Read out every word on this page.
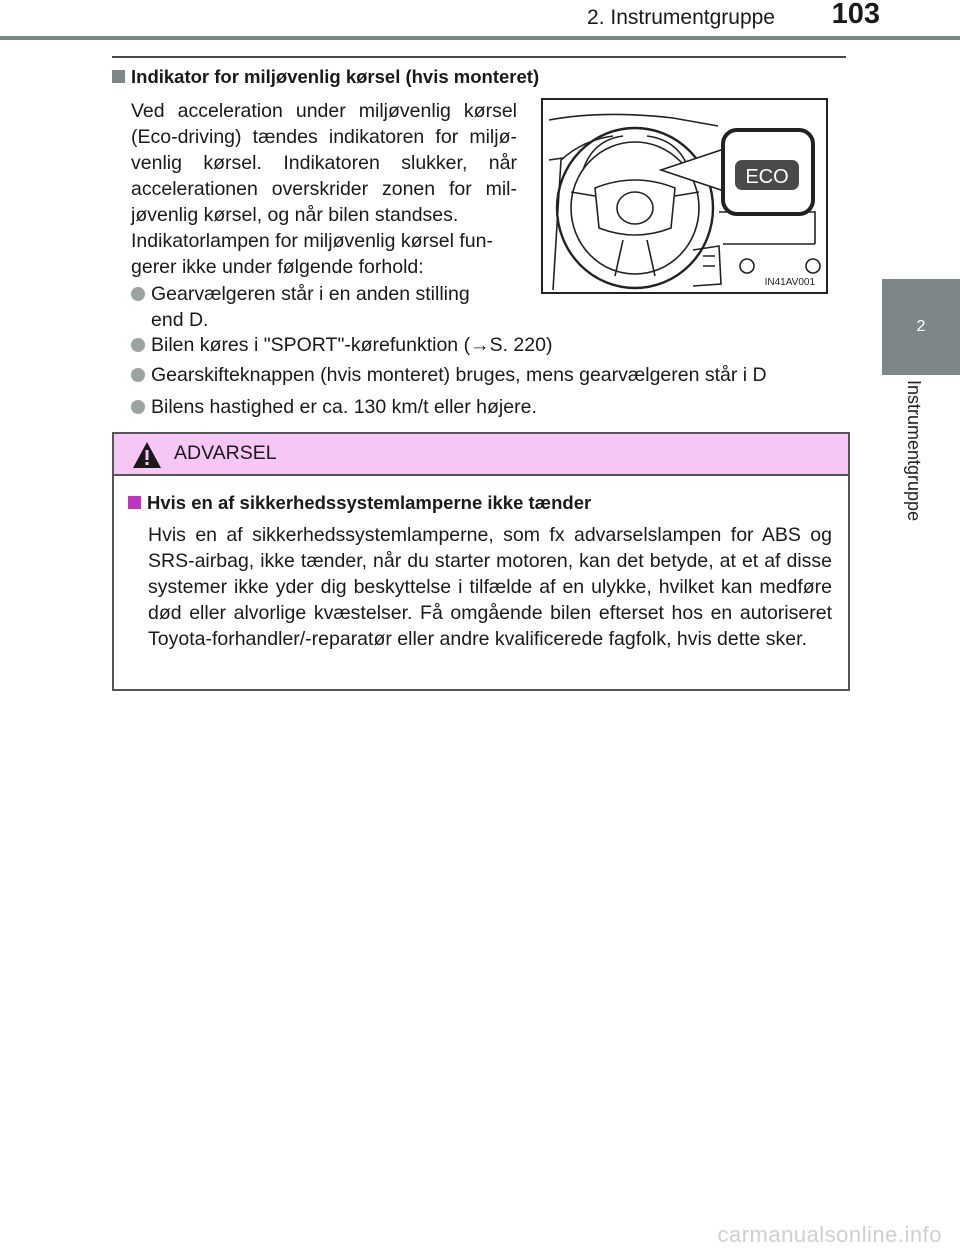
2. Instrumentgruppe 103
2
Instrumentgruppe
Indikator for miljøvenlig kørsel (hvis monteret)
Ved acceleration under miljøvenlig kørsel (Eco-driving) tændes indikatoren for miljø-venlig kørsel. Indikatoren slukker, når accelerationen overskrider zonen for mil-jøvenlig kørsel, og når bilen standses.
Indikatorlampen for miljøvenlig kørsel fun-gerer ikke under følgende forhold:
Gearvælgeren står i en anden stilling
end D.
Bilen køres i "SPORT"-kørefunktion (→S. 220)
Gearskifteknappen (hvis monteret) bruges, mens gearvælgeren står i D
Bilens hastighed er ca. 130 km/t eller højere.
ECO
IN41AV001
ADVARSEL
Hvis en af sikkerhedssystemlamperne ikke tænder
Hvis en af sikkerhedssystemlamperne, som fx advarselslampen for ABS og SRS-airbag, ikke tænder, når du starter motoren, kan det betyde, at et af disse systemer ikke yder dig beskyttelse i tilfælde af en ulykke, hvilket kan medføre død eller alvorlige kvæstelser. Få omgående bilen efterset hos en autoriseret Toyota-forhandler/-reparatør eller andre kvalificerede fagfolk, hvis dette sker.
carmanualsonline.info
